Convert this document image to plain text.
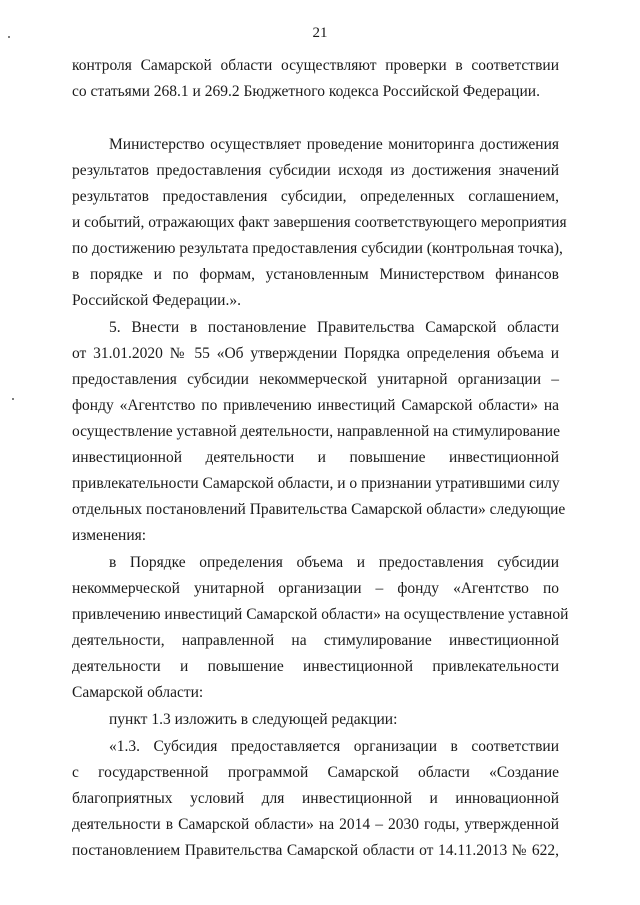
21
контроля Самарской области осуществляют проверки в соответствии
со статьями 268.1 и 269.2 Бюджетного кодекса Российской Федерации.
Министерство осуществляет проведение мониторинга достижения
результатов предоставления субсидии исходя из достижения значений
результатов предоставления субсидии, определенных соглашением,
и событий, отражающих факт завершения соответствующего мероприятия
по достижению результата предоставления субсидии (контрольная точка),
в порядке и по формам, установленным Министерством финансов
Российской Федерации.».
5. Внести в постановление Правительства Самарской области
от 31.01.2020 № 55 «Об утверждении Порядка определения объема и
предоставления субсидии некоммерческой унитарной организации –
фонду «Агентство по привлечению инвестиций Самарской области» на
осуществление уставной деятельности, направленной на стимулирование
инвестиционной деятельности и повышение инвестиционной
привлекательности Самарской области, и о признании утратившими силу
отдельных постановлений Правительства Самарской области» следующие
изменения:
в Порядке определения объема и предоставления субсидии
некоммерческой унитарной организации – фонду «Агентство по
привлечению инвестиций Самарской области» на осуществление уставной
деятельности, направленной на стимулирование инвестиционной
деятельности и повышение инвестиционной привлекательности
Самарской области:
пункт 1.3 изложить в следующей редакции:
«1.3. Субсидия предоставляется организации в соответствии
с государственной программой Самарской области «Создание
благоприятных условий для инвестиционной и инновационной
деятельности в Самарской области» на 2014 – 2030 годы, утвержденной
постановлением Правительства Самарской области от 14.11.2013 № 622,
